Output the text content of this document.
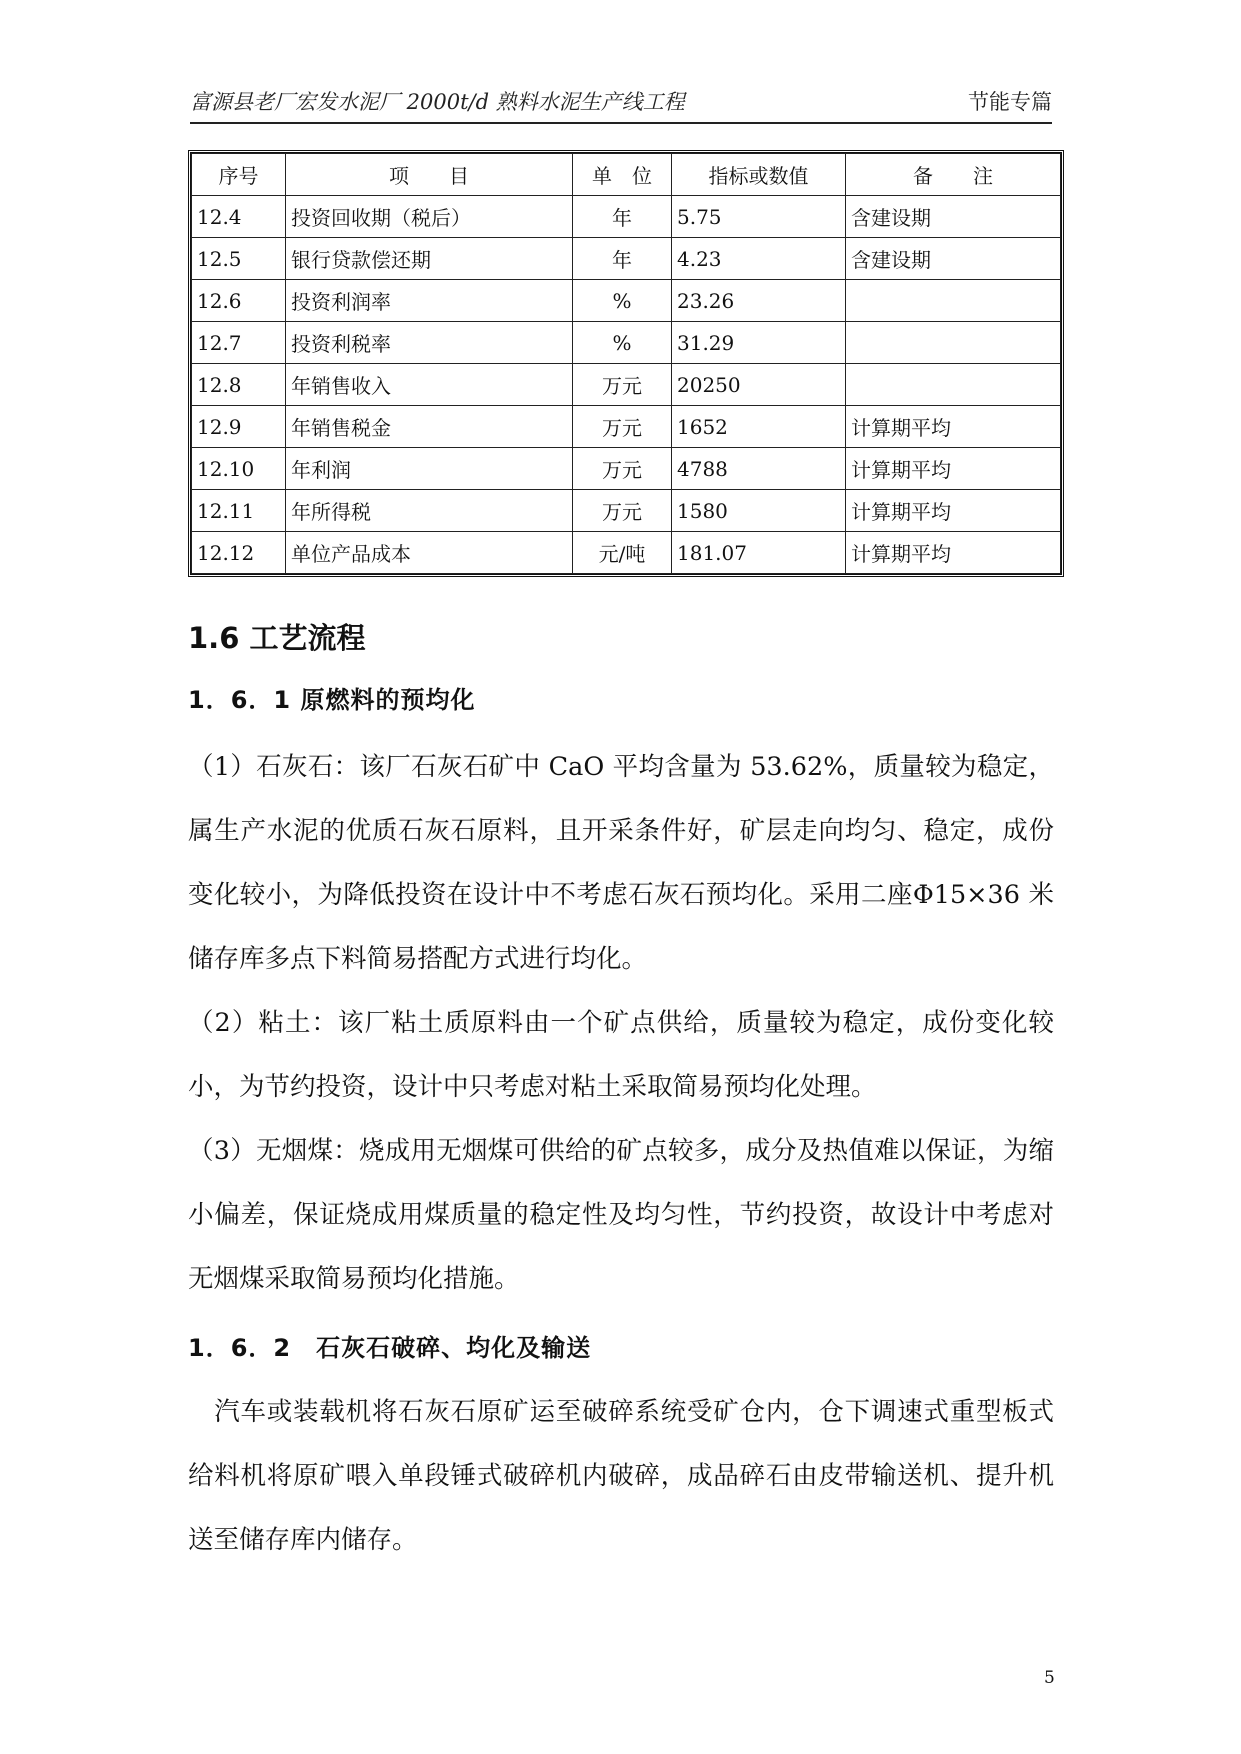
富源县老厂宏发水泥厂 2000t/d 熟料水泥生产线工程	节能专篇
序号	项　　目	单　位	指标或数值	备　　注
12.4	投资回收期（税后）	年	5.75	含建设期
12.5	银行贷款偿还期	年	4.23	含建设期
12.6	投资利润率	%	23.26	
12.7	投资利税率	%	31.29	
12.8	年销售收入	万元	20250	
12.9	年销售税金	万元	1652	计算期平均
12.10	年利润	万元	4788	计算期平均
12.11	年所得税	万元	1580	计算期平均
12.12	单位产品成本	元/吨	181.07	计算期平均
1.6 工艺流程
1．6．1 原燃料的预均化

（1）石灰石：该厂石灰石矿中 CaO 平均含量为 53.62%，质量较为稳定，属生产水泥的优质石灰石原料，且开采条件好，矿层走向均匀、稳定，成份变化较小，为降低投资在设计中不考虑石灰石预均化。采用二座Φ15×36 米储存库多点下料简易搭配方式进行均化。

（2）粘土：该厂粘土质原料由一个矿点供给，质量较为稳定，成份变化较小，为节约投资，设计中只考虑对粘土采取简易预均化处理。

（3）无烟煤：烧成用无烟煤可供给的矿点较多，成分及热值难以保证，为缩小偏差，保证烧成用煤质量的稳定性及均匀性，节约投资，故设计中考虑对无烟煤采取简易预均化措施。

1．6．2　石灰石破碎、均化及输送

　汽车或装载机将石灰石原矿运至破碎系统受矿仓内，仓下调速式重型板式给料机将原矿喂入单段锤式破碎机内破碎，成品碎石由皮带输送机、提升机送至储存库内储存。

5
